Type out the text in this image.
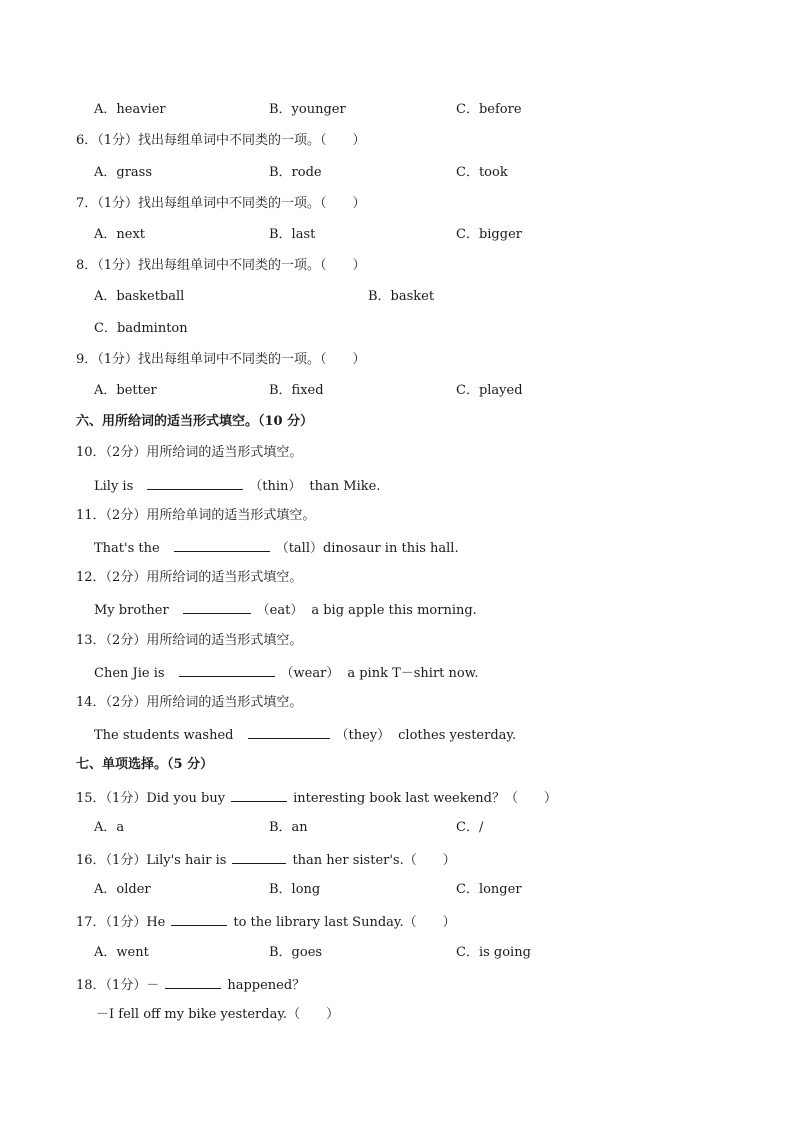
A．heavier	B．younger	C．before
6．（1分）找出每组单词中不同类的一项。（　　）
A．grass	B．rode	C．took
7．（1分）找出每组单词中不同类的一项。（　　）
A．next	B．last	C．bigger
8．（1分）找出每组单词中不同类的一项。（　　）
A．basketball	B．basket
C．badminton
9．（1分）找出每组单词中不同类的一项。（　　）
A．better	B．fixed	C．played
六、用所给词的适当形式填空。（10 分）
10．（2分）用所给词的适当形式填空。
Lily is	（thin） than Mike.
11．（2分）用所给单词的适当形式填空。
That's the	（tall）dinosaur in this hall.
12．（2分）用所给词的适当形式填空。
My brother	（eat） a big apple this morning.
13．（2分）用所给词的适当形式填空。
Chen Jie is	（wear） a pink T－shirt now.
14．（2分）用所给词的适当形式填空。
The students washed	（they） clothes yesterday.
七、单项选择。（5 分）
15．（1分）Did you buy	interesting book last weekend？（　　）
A．a	B．an	C．/
16．（1分）Lily's hair is	than her sister's.（　　）
A．older	B．long	C．longer
17．（1分）He	to the library last Sunday.（　　）
A．went	B．goes	C．is going
18．（1分）－	happened？
－I fell off my bike yesterday.（　　）
